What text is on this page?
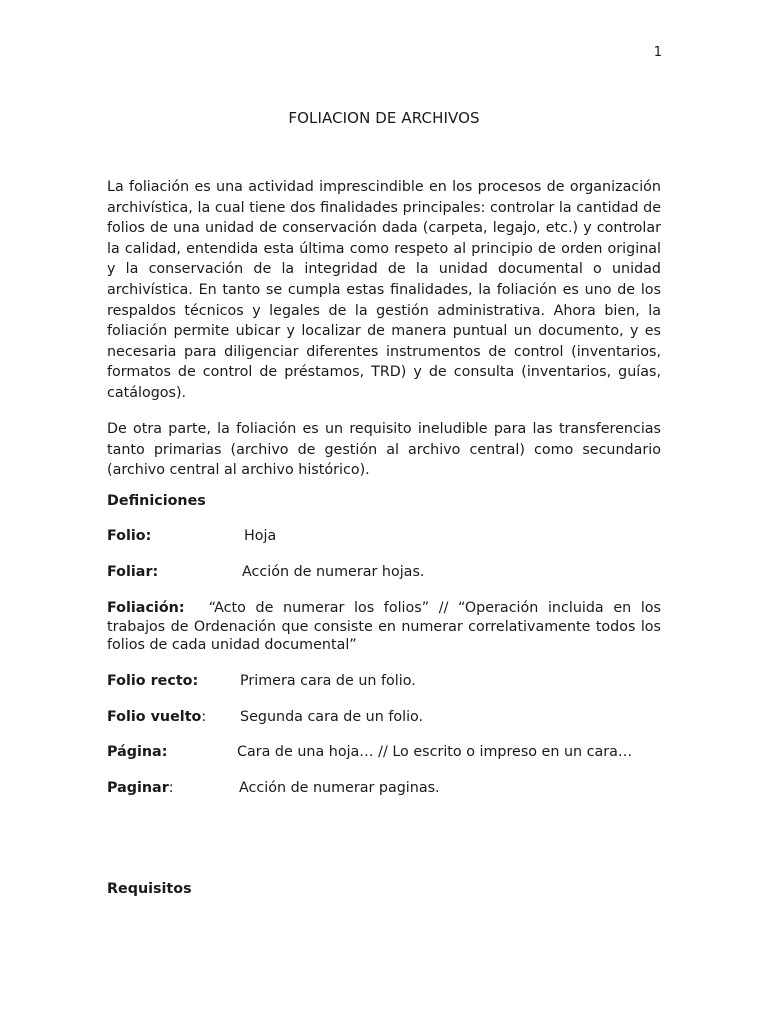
1
FOLIACION DE ARCHIVOS

La foliación es una actividad imprescindible en los procesos de organización archivística, la cual tiene dos finalidades principales: controlar la cantidad de folios de una unidad de conservación dada (carpeta, legajo, etc.) y controlar la calidad, entendida esta última como respeto al principio de orden original y la conservación de la integridad de la unidad documental o unidad archivística. En tanto se cumpla estas finalidades, la foliación es uno de los respaldos técnicos y legales de la gestión administrativa. Ahora bien, la foliación permite ubicar y localizar de manera puntual un documento, y es necesaria para diligenciar diferentes instrumentos de control (inventarios, formatos de control de préstamos, TRD) y de consulta (inventarios, guías, catálogos).

De otra parte, la foliación es un requisito ineludible para las transferencias tanto primarias (archivo de gestión al archivo central) como secundario (archivo central al archivo histórico).

Definiciones
Folio:	Hoja
Foliar:	Acción de numerar hojas.
Foliación: “Acto de numerar los folios” // “Operación incluida en los trabajos de Ordenación que consiste en numerar correlativamente todos los folios de cada unidad documental”
Folio recto:	Primera cara de un folio.
Folio vuelto: Segunda cara de un folio.
Página:	Cara de una hoja… // Lo escrito o impreso en un cara…
Paginar:	Acción de numerar paginas.
Requisitos
